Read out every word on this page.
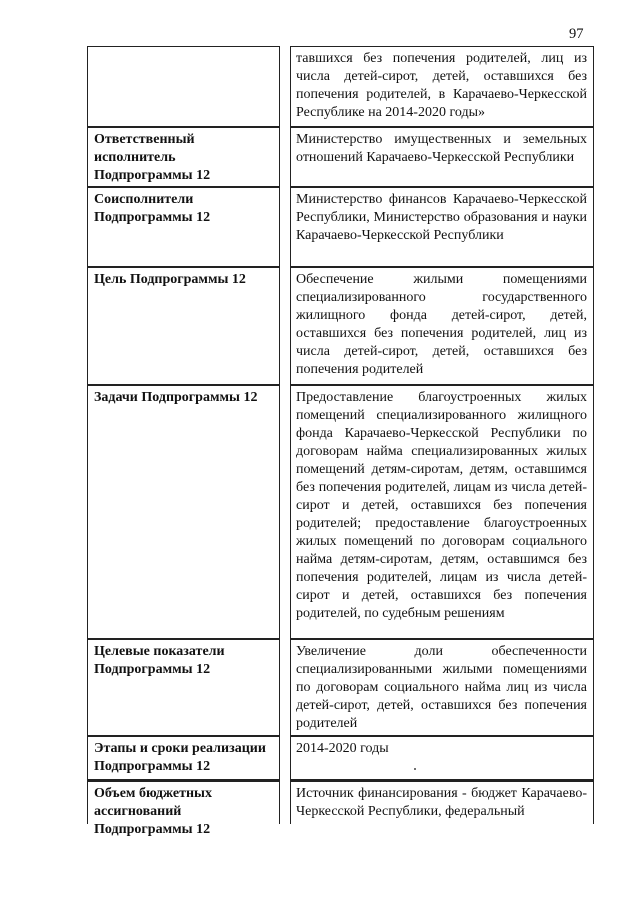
97
тавшихся без попечения родителей, лиц из числа детей-сирот, детей, оставшихся без попечения родителей, в Карачаево-Черкесской Республике на 2014-2020 годы»
Ответственный исполнитель Подпрограммы 12
Министерство имущественных и земельных отношений Карачаево-Черкесской Республики
Соисполнители Подпрограммы 12
Министерство финансов Карачаево-Черкесской Республики, Министерство образования и науки Карачаево-Черкесской Республики
Цель Подпрограммы 12	Обеспечение жилыми помещениями специализированного государственного жилищного фонда детей-сирот, детей, оставшихся без попечения родителей, лиц из числа детей-сирот, детей, оставшихся без попечения родителей
Задачи Подпрограммы 12	Предоставление благоустроенных жилых помещений специализированного жилищного фонда Карачаево-Черкесской Республики по договорам найма специализированных жилых помещений детям-сиротам, детям, оставшимся без попечения родителей, лицам из числа детей-сирот и детей, оставшихся без попечения родителей; предоставление благоустроенных жилых помещений по договорам социального найма детям-сиротам, детям, оставшимся без попечения родителей, лицам из числа детей-сирот и детей, оставшихся без попечения родителей, по судебным решениям
Целевые показатели Подпрограммы 12
Увеличение доли обеспеченности специализированными жилыми помещениями по договорам социального найма лиц из числа детей-сирот, детей, оставшихся без попечения родителей
Этапы и сроки реализации Подпрограммы 12
2014-2020 годы
Объем бюджетных ассигнований Подпрограммы 12
Источник финансирования - бюджет Карачаево-Черкесской Республики, федеральный
